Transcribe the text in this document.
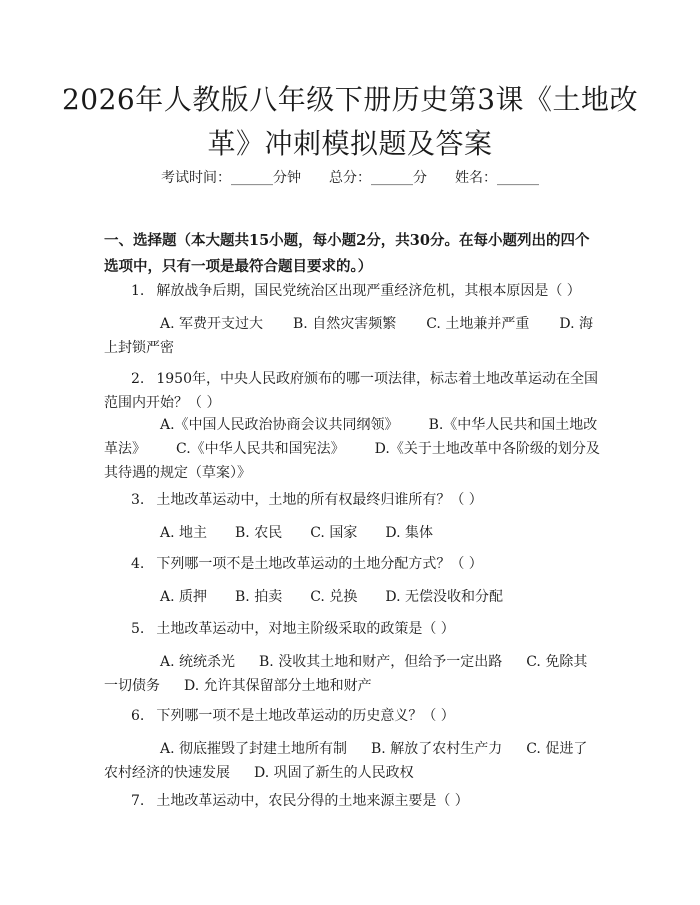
2026年人教版八年级下册历史第3课《土地改革》冲刺模拟题及答案
考试时间：______分钟 总分：______分 姓名：______
一、选择题（本大题共15小题，每小题2分，共30分。在每小题列出的四个选项中，只有一项是最符合题目要求的。）
1. 解放战争后期，国民党统治区出现严重经济危机，其根本原因是（ ）
A. 军费开支过大 B. 自然灾害频繁 C. 土地兼并严重 D. 海上封锁严密
2. 1950年，中央人民政府颁布的哪一项法律，标志着土地改革运动在全国范围内开始？（ ）
A.《中国人民政治协商会议共同纲领》 B.《中华人民共和国土地改革法》 C.《中华人民共和国宪法》 D.《关于土地改革中各阶级的划分及其待遇的规定（草案）》
3. 土地改革运动中，土地的所有权最终归谁所有？（ ）
A. 地主 B. 农民 C. 国家 D. 集体
4. 下列哪一项不是土地改革运动的土地分配方式？（ ）
A. 质押 B. 拍卖 C. 兑换 D. 无偿没收和分配
5. 土地改革运动中，对地主阶级采取的政策是（ ）
A. 统统杀光 B. 没收其土地和财产，但给予一定出路 C. 免除其一切债务 D. 允许其保留部分土地和财产
6. 下列哪一项不是土地改革运动的历史意义？（ ）
A. 彻底摧毁了封建土地所有制 B. 解放了农村生产力 C. 促进了农村经济的快速发展 D. 巩固了新生的人民政权
7. 土地改革运动中，农民分得的土地来源主要是（ ）
